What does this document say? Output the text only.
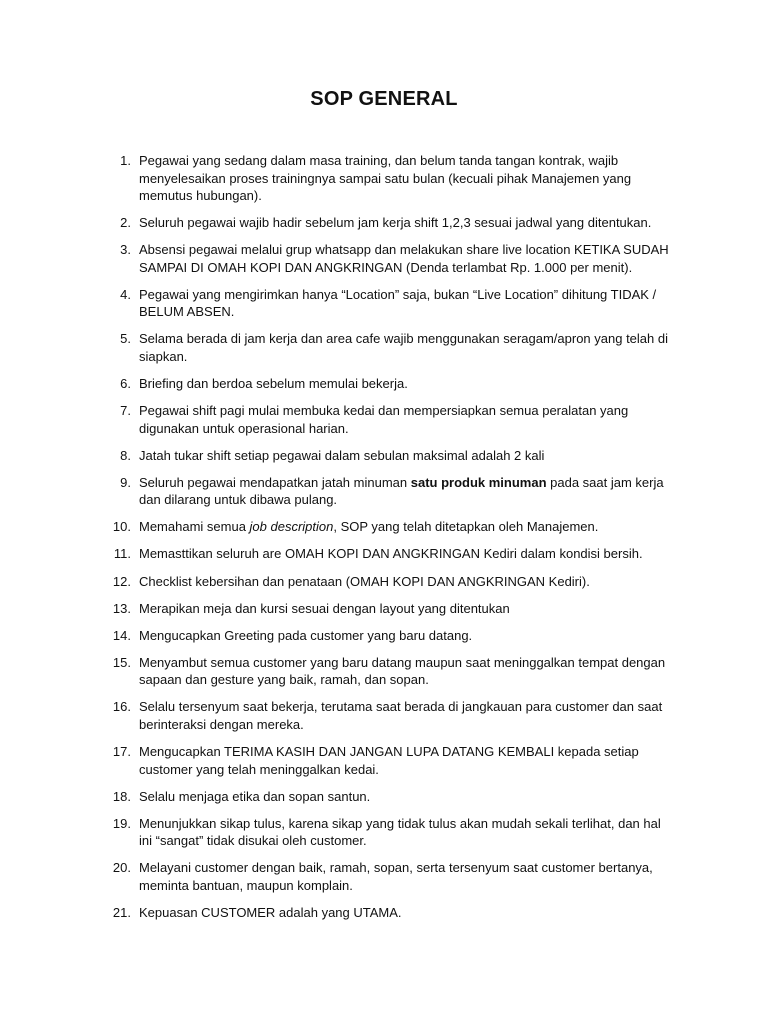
SOP GENERAL
1. Pegawai yang sedang dalam masa training, dan belum tanda tangan kontrak, wajib menyelesaikan proses trainingnya sampai satu bulan (kecuali pihak Manajemen yang memutus hubungan).
2. Seluruh pegawai wajib hadir sebelum jam kerja shift 1,2,3 sesuai jadwal yang ditentukan.
3. Absensi pegawai melalui grup whatsapp dan melakukan share live location KETIKA SUDAH SAMPAI DI OMAH KOPI DAN ANGKRINGAN (Denda terlambat Rp. 1.000 per menit).
4. Pegawai yang mengirimkan hanya “Location” saja, bukan “Live Location” dihitung TIDAK / BELUM ABSEN.
5. Selama berada di jam kerja dan area cafe wajib menggunakan seragam/apron yang telah di siapkan.
6. Briefing dan berdoa sebelum memulai bekerja.
7. Pegawai shift pagi mulai membuka kedai dan mempersiapkan semua peralatan yang digunakan untuk operasional harian.
8. Jatah tukar shift setiap pegawai dalam sebulan maksimal adalah 2 kali
9. Seluruh pegawai mendapatkan jatah minuman satu produk minuman pada saat jam kerja dan dilarang untuk dibawa pulang.
10. Memahami semua job description, SOP yang telah ditetapkan oleh Manajemen.
11. Memasttikan seluruh are OMAH KOPI DAN ANGKRINGAN Kediri dalam kondisi bersih.
12. Checklist kebersihan dan penataan (OMAH KOPI DAN ANGKRINGAN Kediri).
13. Merapikan meja dan kursi sesuai dengan layout yang ditentukan
14. Mengucapkan Greeting pada customer yang baru datang.
15. Menyambut semua customer yang baru datang maupun saat meninggalkan tempat dengan sapaan dan gesture yang baik, ramah, dan sopan.
16. Selalu tersenyum saat bekerja, terutama saat berada di jangkauan para customer dan saat berinteraksi dengan mereka.
17. Mengucapkan TERIMA KASIH DAN JANGAN LUPA DATANG KEMBALI kepada setiap customer yang telah meninggalkan kedai.
18. Selalu menjaga etika dan sopan santun.
19. Menunjukkan sikap tulus, karena sikap yang tidak tulus akan mudah sekali terlihat, dan hal ini “sangat” tidak disukai oleh customer.
20. Melayani customer dengan baik, ramah, sopan, serta tersenyum saat customer bertanya, meminta bantuan, maupun komplain.
21. Kepuasan CUSTOMER adalah yang UTAMA.
